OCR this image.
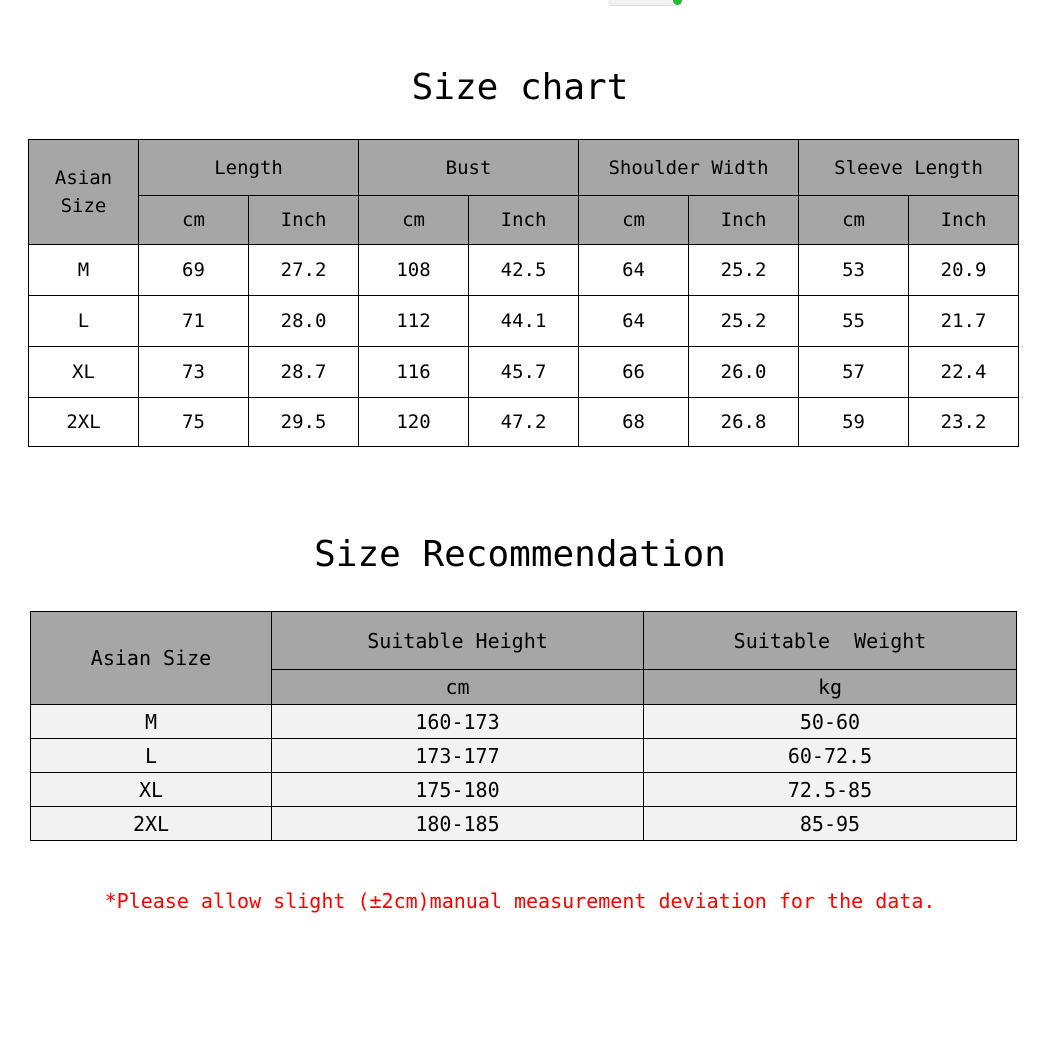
Size chart
Asian
Size	Length		Bust		Shoulder Width		Sleeve Length	
	cm	Inch	cm	Inch	cm	Inch	cm	Inch
M	69	27.2	108	42.5	64	25.2	53	20.9
L	71	28.0	112	44.1	64	25.2	55	21.7
XL	73	28.7	116	45.7	66	26.0	57	22.4
2XL	75	29.5	120	47.2	68	26.8	59	23.2
Size Recommendation
Asian Size	Suitable Height	Suitable  Weight
	cm	kg
M	160-173	50-60
L	173-177	60-72.5
XL	175-180	72.5-85
2XL	180-185	85-95
*Please allow slight (±2cm)manual measurement deviation for the data.
